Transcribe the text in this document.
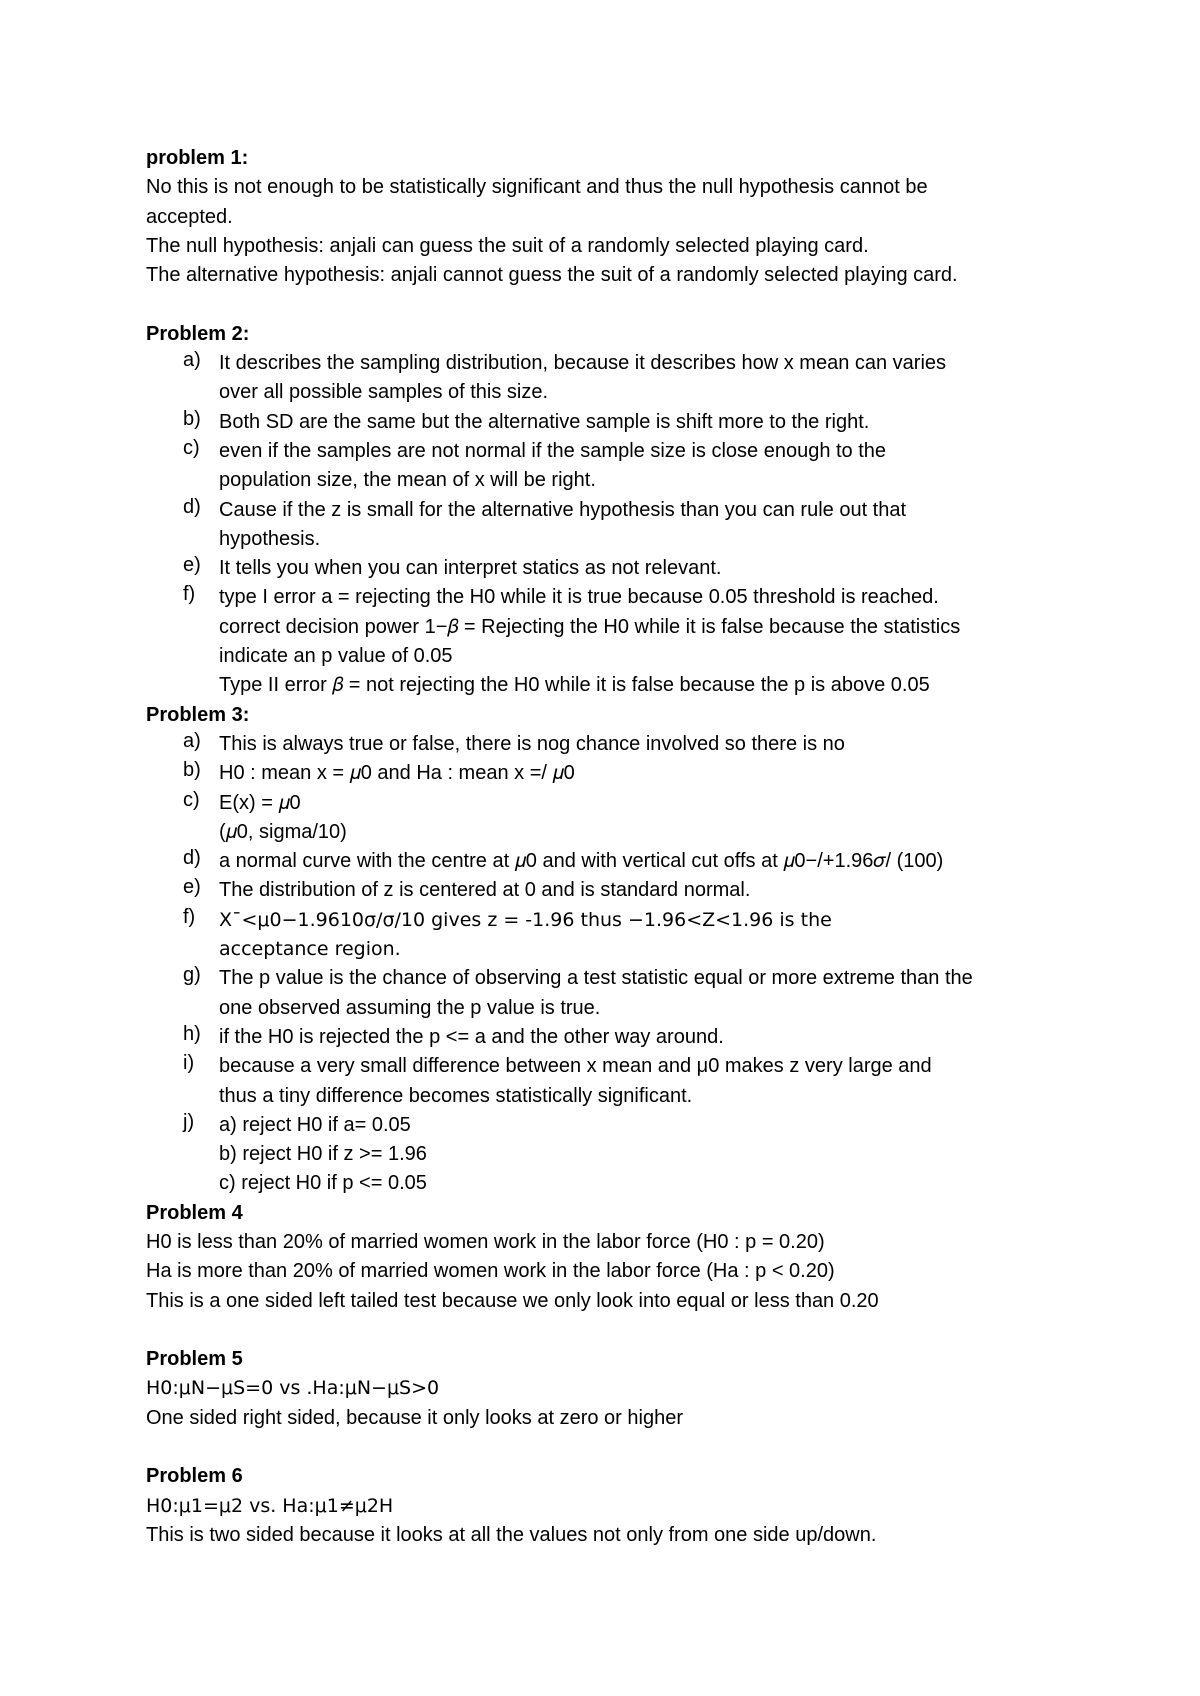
problem 1:
No this is not enough to be statistically significant and thus the null hypothesis cannot be
accepted.
The null hypothesis: anjali can guess the suit of a randomly selected playing card.
The alternative hypothesis: anjali cannot guess the suit of a randomly selected playing card.
Problem 2:
a) It describes the sampling distribution, because it describes how x mean can varies
over all possible samples of this size.
b) Both SD are the same but the alternative sample is shift more to the right.
c) even if the samples are not normal if the sample size is close enough to the
population size, the mean of x will be right.
d) Cause if the z is small for the alternative hypothesis than you can rule out that
hypothesis.
e) It tells you when you can interpret statics as not relevant.
f) type I error a = rejecting the H0 while it is true because 0.05 threshold is reached.
correct decision power 1−𝛽 = Rejecting the H0 while it is false because the statistics
indicate an p value of 0.05
Type II error 𝛽 = not rejecting the H0 while it is false because the p is above 0.05
Problem 3:
a) This is always true or false, there is nog chance involved so there is no
b) H0 : mean x = 𝜇0 and Ha : mean x =/ 𝜇0
c) E(x) = 𝜇0
(𝜇0, sigma/10)
d) a normal curve with the centre at 𝜇0 and with vertical cut offs at 𝜇0−/+1.96𝜎/ (100)
e) The distribution of z is centered at 0 and is standard normal.
f) X¯<μ0−1.9610σ/σ/10 gives z = -1.96 thus −1.96<Z<1.96 is the
acceptance region.
g) The p value is the chance of observing a test statistic equal or more extreme than the
one observed assuming the p value is true.
h) if the H0 is rejected the p <= a and the other way around.
i) because a very small difference between x mean and μ0 makes z very large and
thus a tiny difference becomes statistically significant.
j) a) reject H0 if a= 0.05
b) reject H0 if z >= 1.96
c) reject H0 if p <= 0.05
Problem 4
H0 is less than 20% of married women work in the labor force (H0 : p = 0.20)
Ha is more than 20% of married women work in the labor force (Ha : p < 0.20)
This is a one sided left tailed test because we only look into equal or less than 0.20
Problem 5
H0:μN−μS=0 vs .Ha:μN−μS>0
One sided right sided, because it only looks at zero or higher
Problem 6
H0:μ1=μ2 vs. Ha:μ1≠μ2H
This is two sided because it looks at all the values not only from one side up/down.
